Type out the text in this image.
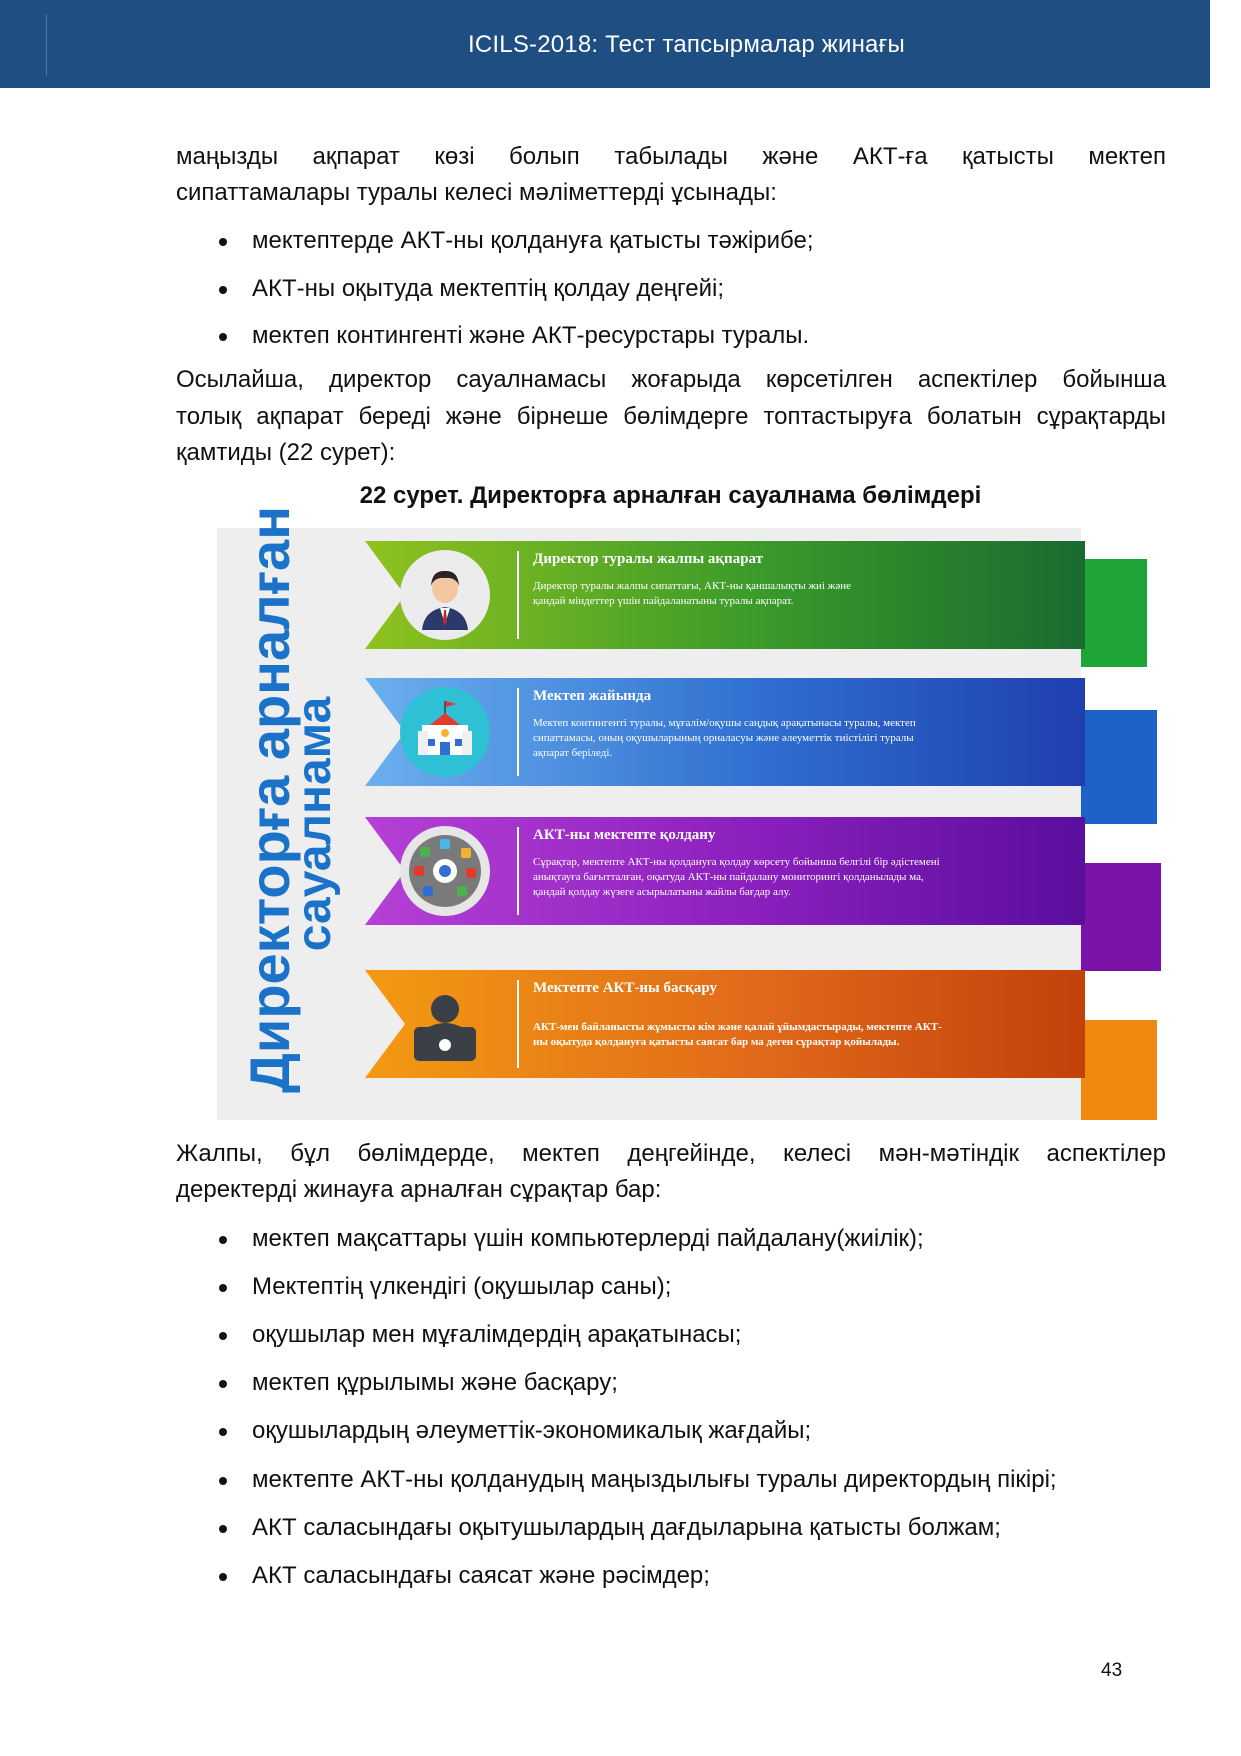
ICILS-2018: Тест тапсырмалар жинағы
маңызды ақпарат көзі болып табылады және АКТ-ға қатысты мектеп
сипаттамалары туралы келесі мәліметтерді ұсынады:
мектептерде АКТ-ны қолдануға қатысты тәжірибе;
АКТ-ны оқытуда мектептің қолдау деңгейі;
мектеп контингенті және АКТ-ресурстары туралы.
Осылайша, директор сауалнамасы жоғарыда көрсетілген аспектілер бойынша
толық ақпарат береді және бірнеше бөлімдерге топтастыруға болатын сұрақтарды
қамтиды (22 сурет):
22 сурет. Директорға арналған сауалнама бөлімдері
Директорға арналған
сауалнама
Директор туралы жалпы ақпарат
Директор туралы жалпы сипаттағы, АКТ-ны қаншалықты жиі және
қандай міндеттер үшін пайдаланатыны туралы ақпарат.
Мектеп жайында
Мектеп контингенті туралы, мұғалім/оқушы саңдық арақатынасы туралы, мектеп
сипаттамасы, оның оқушыларының орналасуы және әлеуметтік тиістілігі туралы
ақпарат беріледі.
АКТ-ны мектепте қолдану
Сұрақтар, мектепте АКТ-ны қолдануға қолдау көрсету бойынша белгілі бір әдістемені
анықтауға бағытталған, оқытуда АКТ-ны пайдалану мониторингі қолданылады ма,
қандай қолдау жүзеге асырылатыны жайлы бағдар алу.
Мектепте АКТ-ны басқару
АКТ-мен байланысты жұмысты кім және қалай ұйымдастырады, мектепте АКТ-
ны оқытуда қолдануға қатысты саясат бар ма деген сұрақтар қойылады.
Жалпы, бұл бөлімдерде, мектеп деңгейінде, келесі мән-мәтіндік аспектілер
деректерді жинауға арналған сұрақтар бар:
мектеп мақсаттары үшін компьютерлерді пайдалану(жиілік);
Мектептің үлкендігі (оқушылар саны);
оқушылар мен мұғалімдердің арақатынасы;
мектеп құрылымы және басқару;
оқушылардың әлеуметтік-экономикалық жағдайы;
мектепте АКТ-ны қолданудың маңыздылығы туралы директордың пікірі;
АКТ саласындағы оқытушылардың дағдыларына қатысты болжам;
АКТ саласындағы саясат және рәсімдер;
43
